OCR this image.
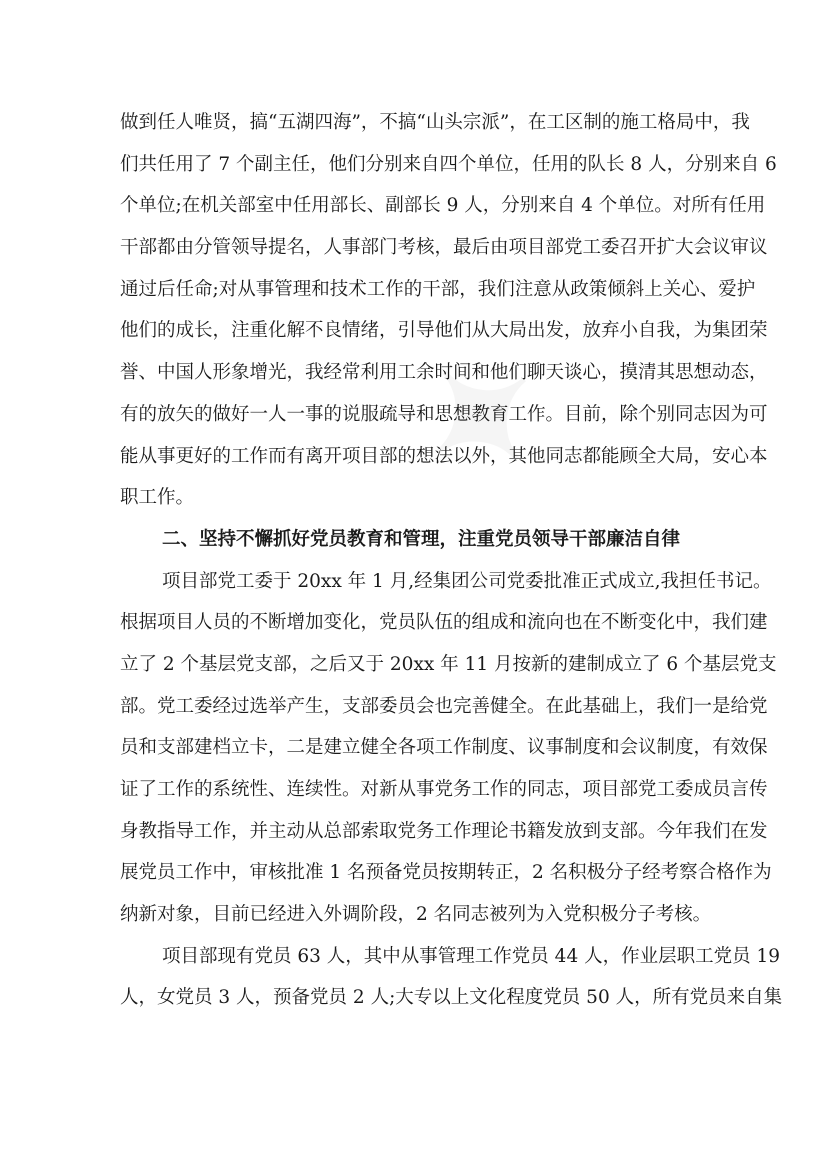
做到任人唯贤，搞“五湖四海”，不搞“山头宗派”，在工区制的施工格局中，我
们共任用了 7 个副主任，他们分别来自四个单位，任用的队长 8 人，分别来自 6
个单位;在机关部室中任用部长、副部长 9 人，分别来自 4 个单位。对所有任用
干部都由分管领导提名，人事部门考核，最后由项目部党工委召开扩大会议审议
通过后任命;对从事管理和技术工作的干部，我们注意从政策倾斜上关心、爱护
他们的成长，注重化解不良情绪，引导他们从大局出发，放弃小自我，为集团荣
誉、中国人形象增光，我经常利用工余时间和他们聊天谈心，摸清其思想动态，
有的放矢的做好一人一事的说服疏导和思想教育工作。目前，除个别同志因为可
能从事更好的工作而有离开项目部的想法以外，其他同志都能顾全大局，安心本
职工作。
二、坚持不懈抓好党员教育和管理，注重党员领导干部廉洁自律
项目部党工委于 20xx 年 1 月,经集团公司党委批准正式成立,我担任书记。
根据项目人员的不断增加变化，党员队伍的组成和流向也在不断变化中，我们建
立了 2 个基层党支部，之后又于 20xx 年 11 月按新的建制成立了 6 个基层党支
部。党工委经过选举产生，支部委员会也完善健全。在此基础上，我们一是给党
员和支部建档立卡，二是建立健全各项工作制度、议事制度和会议制度，有效保
证了工作的系统性、连续性。对新从事党务工作的同志，项目部党工委成员言传
身教指导工作，并主动从总部索取党务工作理论书籍发放到支部。今年我们在发
展党员工作中，审核批准 1 名预备党员按期转正，2 名积极分子经考察合格作为
纳新对象，目前已经进入外调阶段，2 名同志被列为入党积极分子考核。
项目部现有党员 63 人，其中从事管理工作党员 44 人，作业层职工党员 19
人，女党员 3 人，预备党员 2 人;大专以上文化程度党员 50 人，所有党员来自集
